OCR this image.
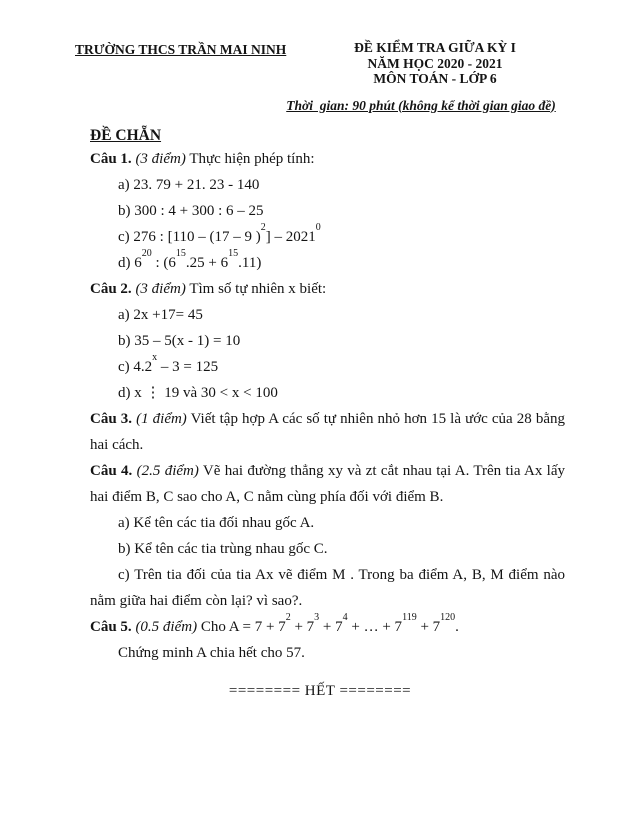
TRƯỜNG THCS TRẦN MAI NINH	ĐỀ KIỂM TRA GIỮA KỲ I
NĂM HỌC 2020 - 2021
MÔN TOÁN - LỚP 6
Thời  gian: 90 phút (không kể thời gian giao đề)
ĐỀ CHẴN

Câu 1. (3 điểm) Thực hiện phép tính:

a) 23. 79 + 21. 23 - 140

b) 300 : 4 + 300 : 6 – 25

c) 276 : [110 – (17 – 9 )$^2$] – 2021$^0$

d) $6^{20}$ : $(6^{15}.25 + 6^{15}.11)$

Câu 2. (3 điểm) Tìm số tự nhiên x biết:

a) 2x +17= 45

b) 35 – 5(x - 1) = 10

c) 4.2$^x$ – 3 = 125

d) x ⋮ 19 và 30 < x < 100

Câu 3. (1 điểm) Viết tập hợp A các số tự nhiên nhỏ hơn 15 là ước của 28 bằng hai cách.

Câu 4. (2.5 điểm) Vẽ hai đường thẳng xy và zt cắt nhau tại A. Trên tia Ax lấy hai điểm B, C sao cho A, C nằm cùng phía đối với điểm B.

a) Kể tên các tia đối nhau gốc A.

b) Kể tên các tia trùng nhau gốc C.

c) Trên tia đối của tia Ax vẽ điểm M . Trong ba điểm A, B, M điểm nào nằm giữa hai điểm còn lại? vì sao?.

Câu 5. (0.5 điểm) Cho $A = 7 + 7^2 + 7^3 + 7^4$ + … + $7^{119} + 7^{120}$.

Chứng minh A chia hết cho 57.

======== HẾT ========
